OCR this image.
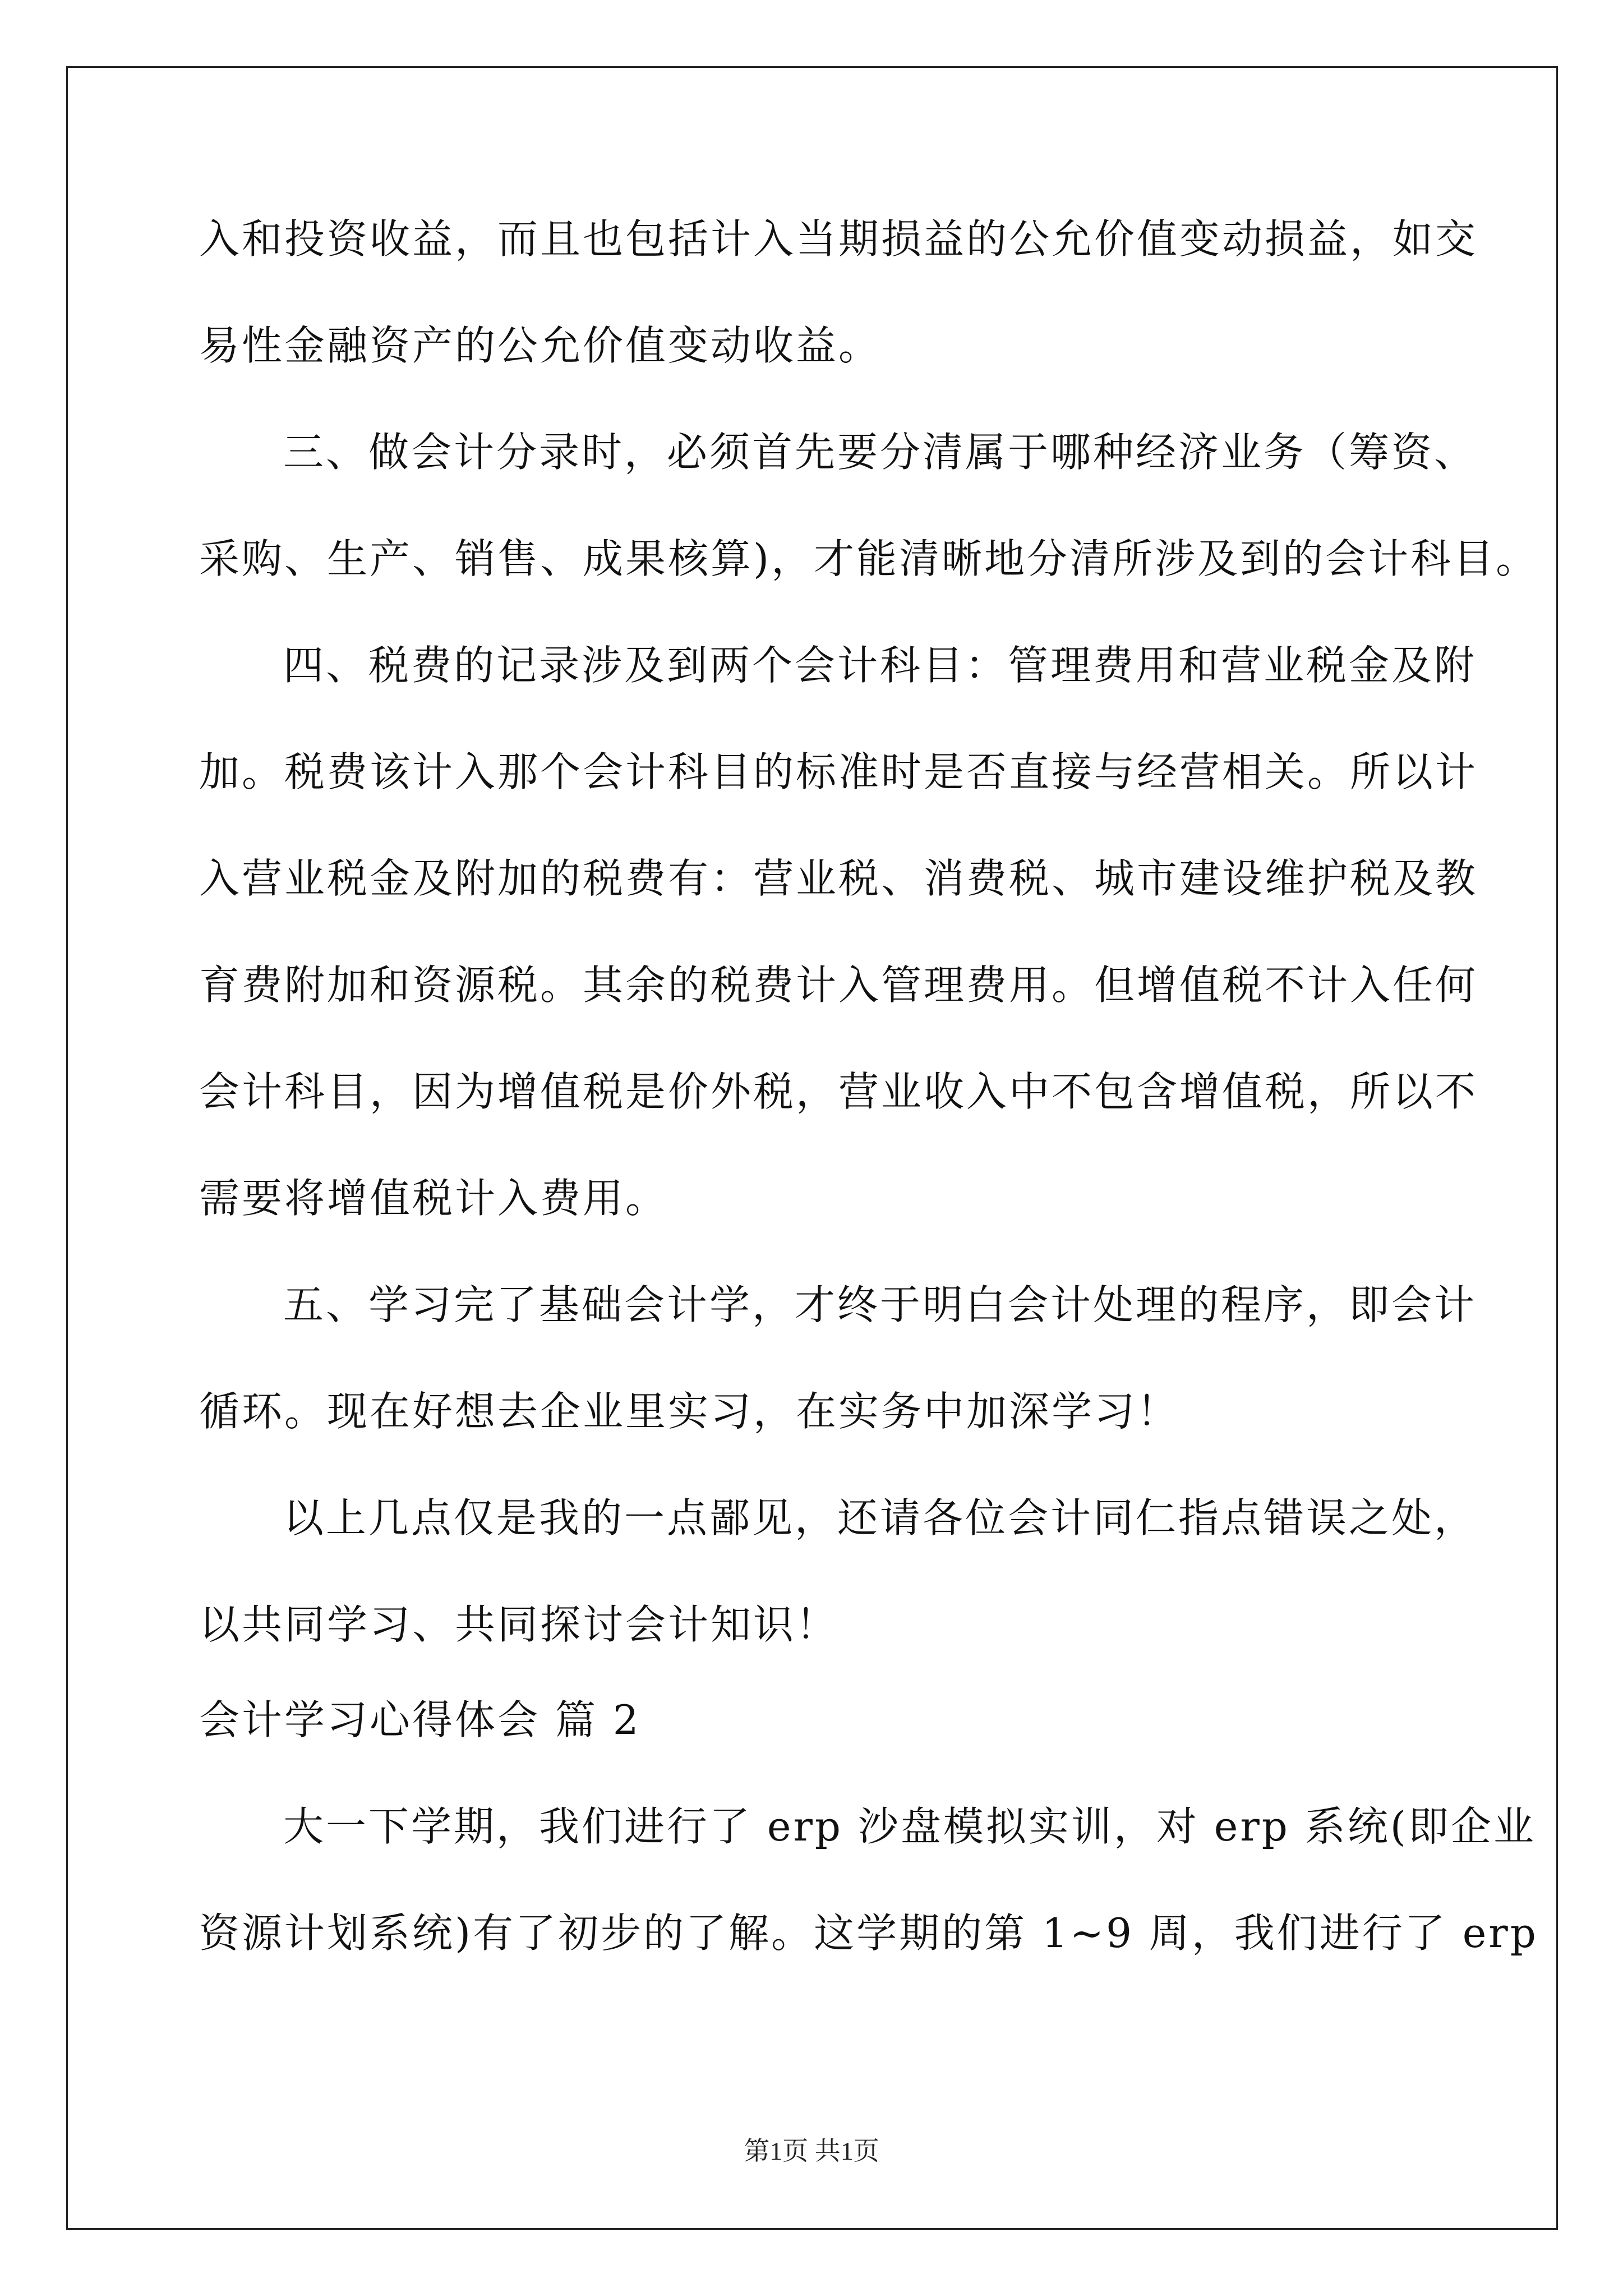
入和投资收益，而且也包括计入当期损益的公允价值变动损益，如交
易性金融资产的公允价值变动收益。
三、做会计分录时，必须首先要分清属于哪种经济业务（筹资、
采购、生产、销售、成果核算)，才能清晰地分清所涉及到的会计科目。
四、税费的记录涉及到两个会计科目：管理费用和营业税金及附
加。税费该计入那个会计科目的标准时是否直接与经营相关。所以计
入营业税金及附加的税费有：营业税、消费税、城市建设维护税及教
育费附加和资源税。其余的税费计入管理费用。但增值税不计入任何
会计科目，因为增值税是价外税，营业收入中不包含增值税，所以不
需要将增值税计入费用。
五、学习完了基础会计学，才终于明白会计处理的程序，即会计
循环。现在好想去企业里实习，在实务中加深学习！
以上几点仅是我的一点鄙见，还请各位会计同仁指点错误之处，
以共同学习、共同探讨会计知识！
会计学习心得体会 篇 2
大一下学期，我们进行了 erp 沙盘模拟实训，对 erp 系统(即企业
资源计划系统)有了初步的了解。这学期的第 1~9 周，我们进行了 erp
第1页 共1页
